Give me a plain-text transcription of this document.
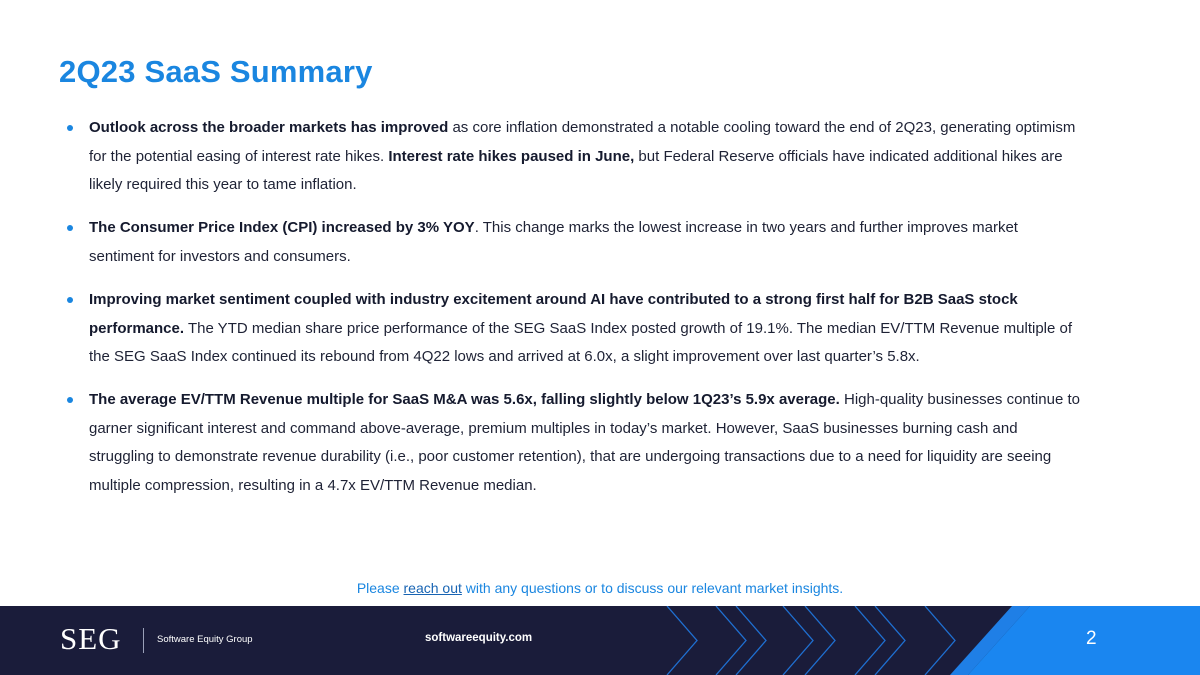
2Q23 SaaS Summary
Outlook across the broader markets has improved as core inflation demonstrated a notable cooling toward the end of 2Q23, generating optimism for the potential easing of interest rate hikes. Interest rate hikes paused in June, but Federal Reserve officials have indicated additional hikes are likely required this year to tame inflation.
The Consumer Price Index (CPI) increased by 3% YOY. This change marks the lowest increase in two years and further improves market sentiment for investors and consumers.
Improving market sentiment coupled with industry excitement around AI have contributed to a strong first half for B2B SaaS stock performance. The YTD median share price performance of the SEG SaaS Index posted growth of 19.1%. The median EV/TTM Revenue multiple of the SEG SaaS Index continued its rebound from 4Q22 lows and arrived at 6.0x, a slight improvement over last quarter’s 5.8x.
The average EV/TTM Revenue multiple for SaaS M&A was 5.6x, falling slightly below 1Q23’s 5.9x average. High-quality businesses continue to garner significant interest and command above-average, premium multiples in today’s market. However, SaaS businesses burning cash and struggling to demonstrate revenue durability (i.e., poor customer retention), that are undergoing transactions due to a need for liquidity are seeing multiple compression, resulting in a 4.7x EV/TTM Revenue median.
Please reach out with any questions or to discuss our relevant market insights.
SEG	Software Equity Group	softwareequity.com	2
